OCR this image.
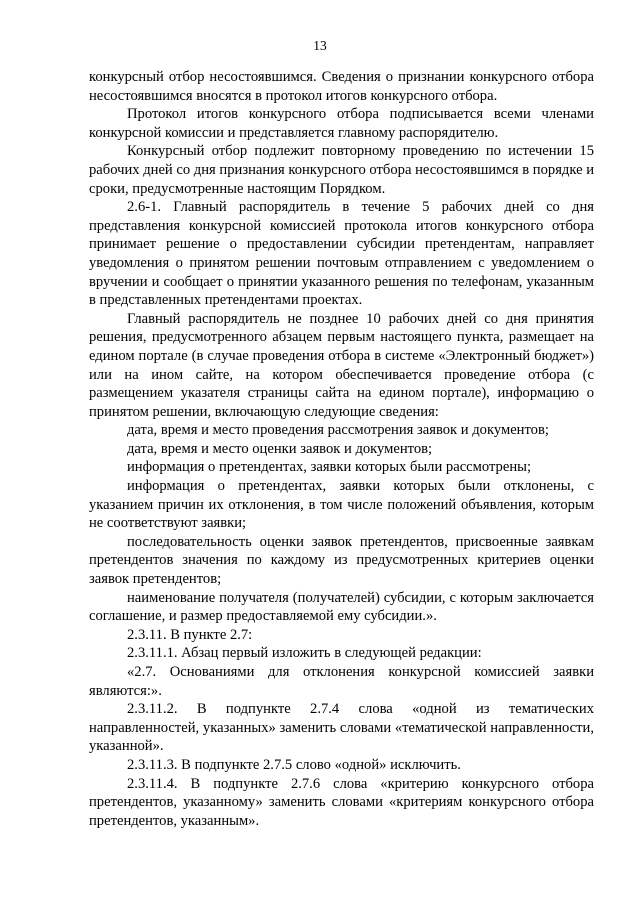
13

конкурсный отбор несостоявшимся. Сведения о признании конкурсного отбора несостоявшимся вносятся в протокол итогов конкурсного отбора.

Протокол итогов конкурсного отбора подписывается всеми членами конкурсной комиссии и представляется главному распорядителю.

Конкурсный отбор подлежит повторному проведению по истечении 15 рабочих дней со дня признания конкурсного отбора несостоявшимся в порядке и сроки, предусмотренные настоящим Порядком.

2.6-1. Главный распорядитель в течение 5 рабочих дней со дня представления конкурсной комиссией протокола итогов конкурсного отбора принимает решение о предоставлении субсидии претендентам, направляет уведомления о принятом решении почтовым отправлением с уведомлением о вручении и сообщает о принятии указанного решения по телефонам, указанным в представленных претендентами проектах.

Главный распорядитель не позднее 10 рабочих дней со дня принятия решения, предусмотренного абзацем первым настоящего пункта, размещает на едином портале (в случае проведения отбора в системе «Электронный бюджет») или на ином сайте, на котором обеспечивается проведение отбора (с размещением указателя страницы сайта на едином портале), информацию о принятом решении, включающую следующие сведения:

дата, время и место проведения рассмотрения заявок и документов;

дата, время и место оценки заявок и документов;

информация о претендентах, заявки которых были рассмотрены;

информация о претендентах, заявки которых были отклонены, с указанием причин их отклонения, в том числе положений объявления, которым не соответствуют заявки;

последовательность оценки заявок претендентов, присвоенные заявкам претендентов значения по каждому из предусмотренных критериев оценки заявок претендентов;

наименование получателя (получателей) субсидии, с которым заключается соглашение, и размер предоставляемой ему субсидии.».

2.3.11. В пункте 2.7:

2.3.11.1. Абзац первый изложить в следующей редакции:

«2.7. Основаниями для отклонения конкурсной комиссией заявки являются:».

2.3.11.2. В подпункте 2.7.4 слова «одной из тематических направленностей, указанных» заменить словами «тематической направленности, указанной».

2.3.11.3. В подпункте 2.7.5 слово «одной» исключить.

2.3.11.4. В подпункте 2.7.6 слова «критерию конкурсного отбора претендентов, указанному» заменить словами «критериям конкурсного отбора претендентов, указанным».
